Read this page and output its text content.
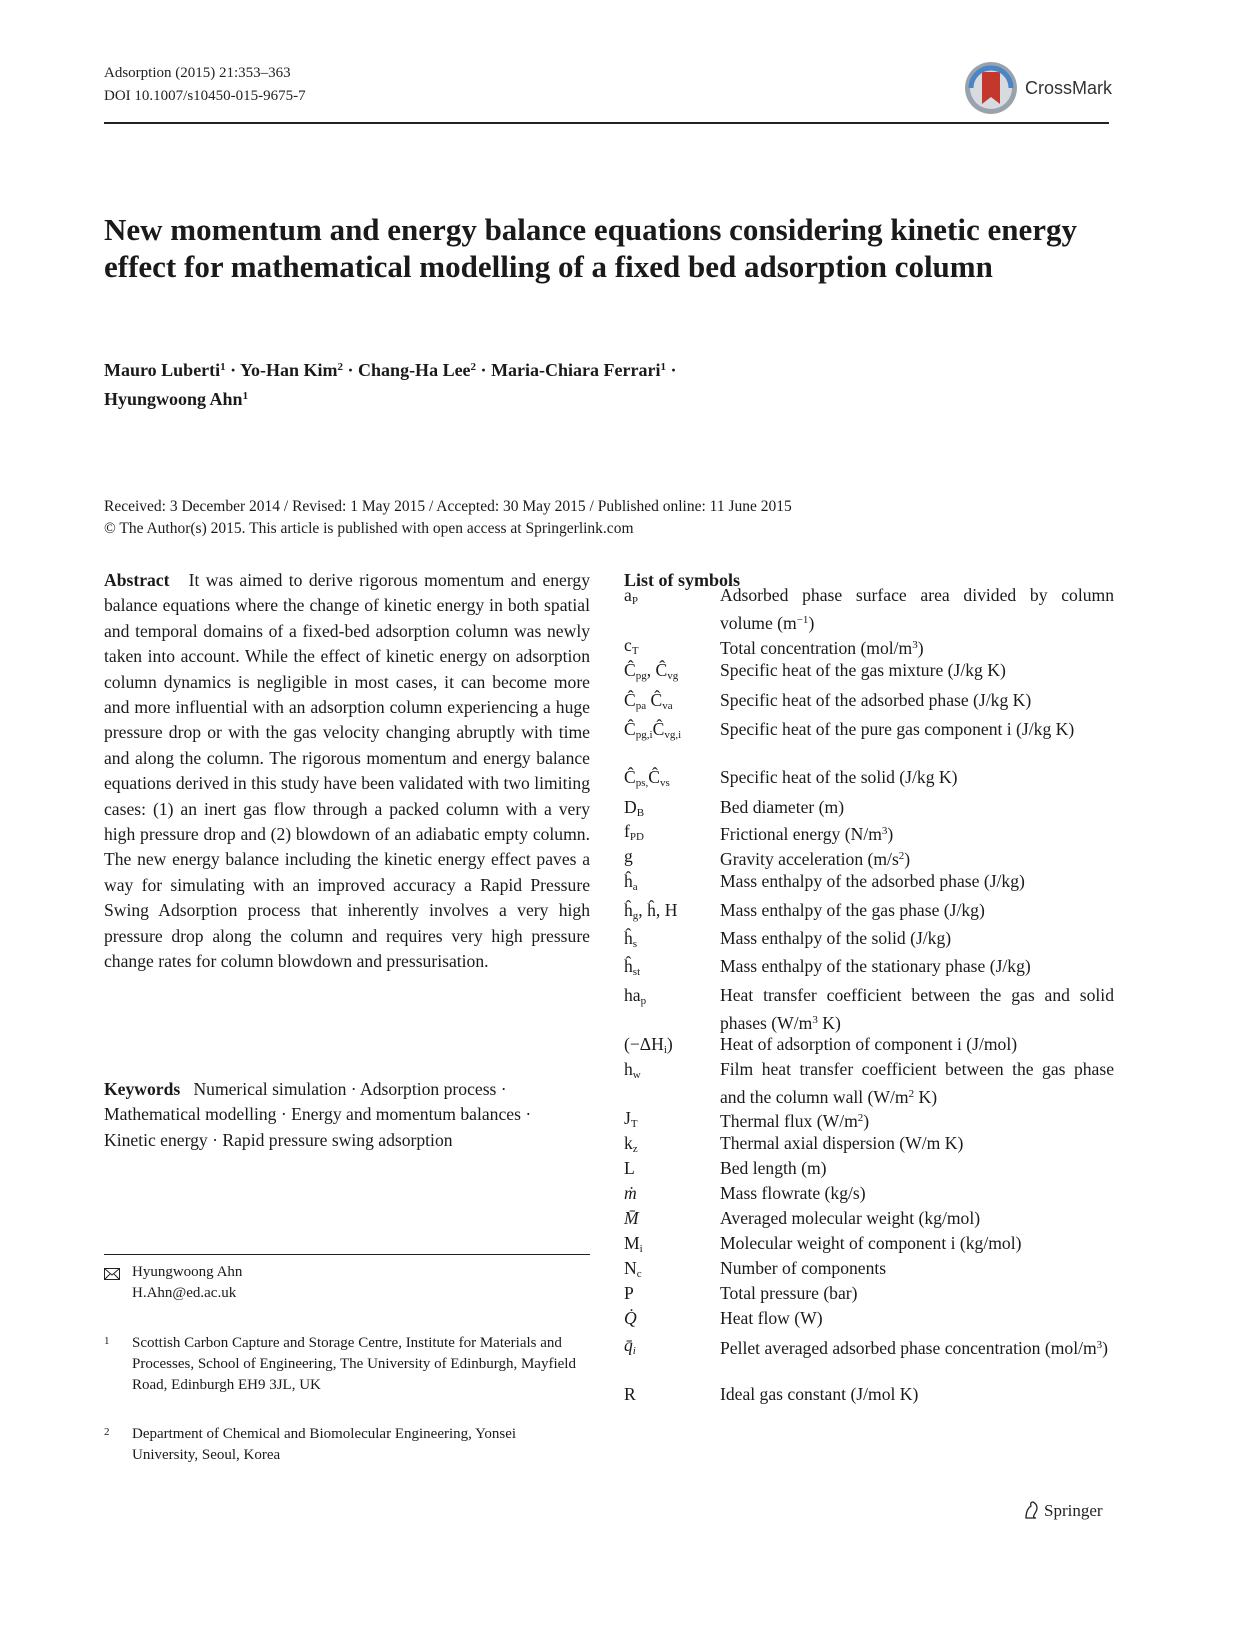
Adsorption (2015) 21:353–363
DOI 10.1007/s10450-015-9675-7	CrossMark
New momentum and energy balance equations considering kinetic energy effect for mathematical modelling of a fixed bed adsorption column
Mauro Luberti$^1$ · Yo-Han Kim$^2$ · Chang-Ha Lee$^2$ · Maria-Chiara Ferrari$^1$ ·
Hyungwoong Ahn$^1$
Received: 3 December 2014 / Revised: 1 May 2015 / Accepted: 30 May 2015 / Published online: 11 June 2015
© The Author(s) 2015. This article is published with open access at Springerlink.com
Abstract It was aimed to derive rigorous momentum and energy balance equations where the change of kinetic energy in both spatial and temporal domains of a fixed-bed adsorption column was newly taken into account. While the effect of kinetic energy on adsorption column dynamics is negligible in most cases, it can become more and more influential with an adsorption column experiencing a huge pressure drop or with the gas velocity changing abruptly with time and along the column. The rigorous momentum and energy balance equations derived in this study have been validated with two limiting cases: (1) an inert gas flow through a packed column with a very high pressure drop and (2) blowdown of an adiabatic empty column. The new energy balance including the kinetic energy effect paves a way for simulating with an improved accuracy a Rapid Pressure Swing Adsorption process that inherently involves a very high pressure drop along the column and requires very high pressure change rates for column blowdown and pressurisation.
Keywords Numerical simulation · Adsorption process · Mathematical modelling · Energy and momentum balances · Kinetic energy · Rapid pressure swing adsorption
Hyungwoong Ahn
H.Ahn@ed.ac.uk
1 Scottish Carbon Capture and Storage Centre, Institute for Materials and Processes, School of Engineering, The University of Edinburgh, Mayfield Road, Edinburgh EH9 3JL, UK
2 Department of Chemical and Biomolecular Engineering, Yonsei University, Seoul, Korea
List of symbols
$a_P$	Adsorbed phase surface area divided by column volume $(m^{-1})$
$c_T$	Total concentration $(mol/m^3)$
$Ĉ_{pg}$, $Ĉ_{vg}$	Specific heat of the gas mixture (J/kg K)
$Ĉ_{pa}$ $Ĉ_{va}$	Specific heat of the adsorbed phase (J/kg K)
$Ĉ_{pg,i}Ĉ_{vg,i}$	Specific heat of the pure gas component i (J/kg K)
$Ĉ_{ps,}Ĉ_{vs}$	Specific heat of the solid (J/kg K)
$D_B$	Bed diameter (m)
$f_{PD}$	Frictional energy $(N/m^3)$
g	Gravity acceleration $(m/s^2)$
$ĥ_a$	Mass enthalpy of the adsorbed phase (J/kg)
$ĥ_g$, ĥ, H	Mass enthalpy of the gas phase (J/kg)
$ĥ_s$	Mass enthalpy of the solid (J/kg)
$ĥ_{st}$	Mass enthalpy of the stationary phase (J/kg)
$ha_p$	Heat transfer coefficient between the gas and solid phases ($W/m^3$ K)
$(-\Delta H_i)$	Heat of adsorption of component i (J/mol)
$h_w$	Film heat transfer coefficient between the gas phase and the column wall ($W/m^2$ K)
$J_T$	Thermal flux $(W/m^2)$
$k_z$	Thermal axial dispersion (W/m K)
L	Bed length (m)
ṁ	Mass flowrate (kg/s)
M̄	Averaged molecular weight (kg/mol)
$M_i$	Molecular weight of component i (kg/mol)
$N_c$	Number of components
P	Total pressure (bar)
Q̇	Heat flow (W)
$q̄_i$	Pellet averaged adsorbed phase concentration $(mol/m^3)$
R	Ideal gas constant (J/mol K)
Springer
